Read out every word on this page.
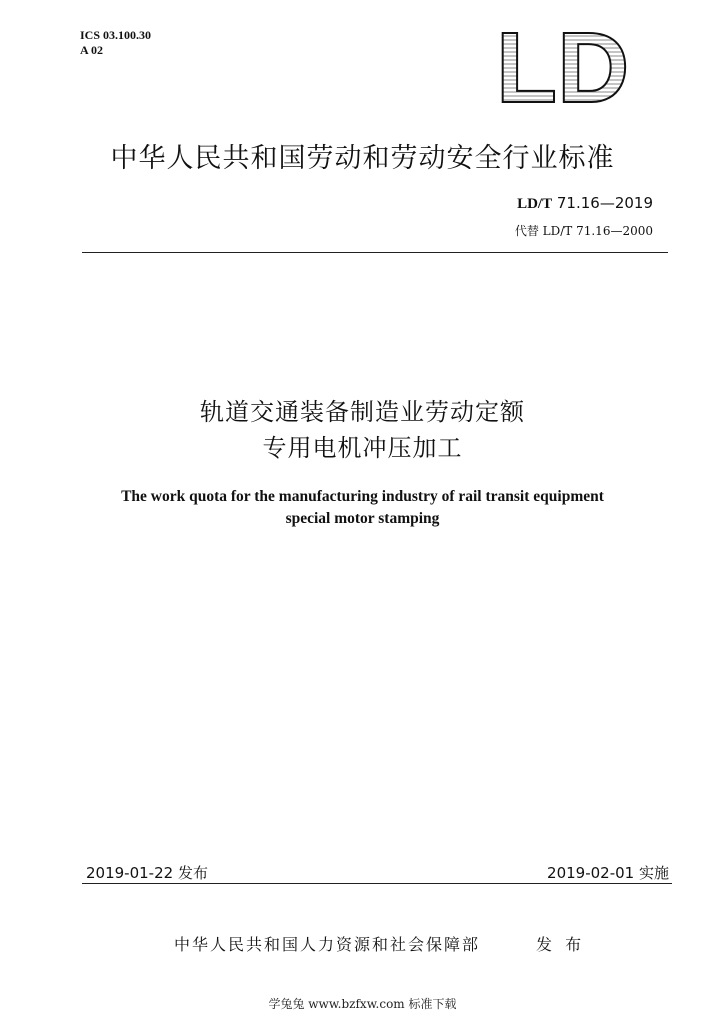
ICS 03.100.30
A 02	LD
中华人民共和国劳动和劳动安全行业标准
LD/T 71.16—2019
代替 LD/T 71.16—2000
轨道交通装备制造业劳动定额
专用电机冲压加工
The work quota for the manufacturing industry of rail transit equipment
special motor stamping
2019-01-22 发布	2019-02-01 实施
中华人民共和国人力资源和社会保障部	发 布
学兔兔 www.bzfxw.com 标准下载
